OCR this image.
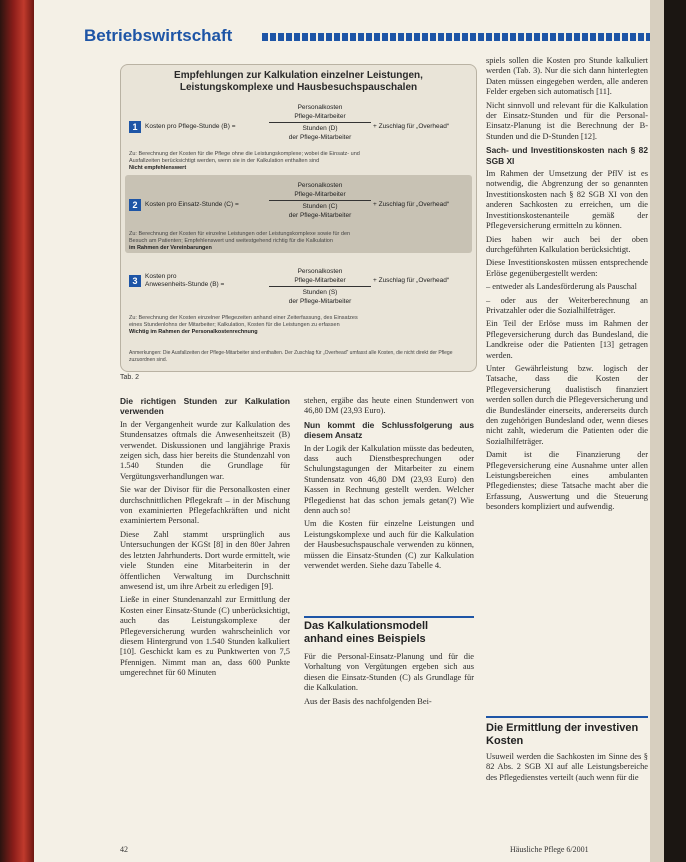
Betriebswirtschaft
Empfehlungen zur Kalkulation einzelner Leistungen,
Leistungskomplexe und Hausbesuchspauschalen
1	Kosten pro Pflege-Stunde (B) =
Personalkosten
Pflege-Mitarbeiter
Stunden (D)
der Pflege-Mitarbeiter
+ Zuschlag für „Overhead“
Zu: Berechnung der Kosten für die Pflege ohne die Leistungskomplexe; wobei die Einsatz- und
Ausfallzeiten berücksichtigt werden, wenn sie in der Kalkulation enthalten sind
Nicht empfehlenswert
2	Kosten pro Einsatz-Stunde (C) =
Personalkosten
Pflege-Mitarbeiter
Stunden (C)
der Pflege-Mitarbeiter
+ Zuschlag für „Overhead“
Zu: Berechnung der Kosten für einzelne Leistungen oder Leistungskomplexe sowie für den
Besuch am Patienten; Empfehlenswert und weitestgehend richtig für die Kalkulation
im Rahmen der Vereinbarungen
3	Kosten pro
Anwesenheits-Stunde (B) =
Personalkosten
Pflege-Mitarbeiter
Stunden (S)
der Pflege-Mitarbeiter
+ Zuschlag für „Overhead“
Zu: Berechnung der Kosten einzelner Pflegezeiten anhand einer Zeiterfassung, des Einsatzes
eines Stundenlohns der Mitarbeiter; Kalkulation, Kosten für die Leistungen zu erfassen
Wichtig im Rahmen der Personalkostenrechnung
Anmerkungen: Die Ausfallzeiten der Pflege-Mitarbeiter sind enthalten. Der Zuschlag für „Overhead“ umfasst alle Kosten, die nicht direkt der Pflege zuzuordnen sind.
Tab. 2

Die richtigen Stunden zur Kalkulation verwenden

In der Vergangenheit wurde zur Kalkulation des Stundensatzes oftmals die Anwesenheitszeit (B) verwendet. Diskussionen und langjährige Praxis zeigen sich, dass hier bereits die Stundenzahl von 1.540 Stunden die Grundlage für Vergütungsverhandlungen war.

Sie war der Divisor für die Personalkosten einer durchschnittlichen Pflegekraft – in der Mischung von examinierten Pflegefachkräften und nicht examiniertem Personal.

Diese Zahl stammt ursprünglich aus Untersuchungen der KGSt [8] in den 80er Jahren des letzten Jahrhunderts. Dort wurde ermittelt, wie viele Stunden eine Mitarbeiterin in der öffentlichen Verwaltung im Durchschnitt anwesend ist, um ihre Arbeit zu erledigen [9].

Ließe in einer Stundenanzahl zur Ermittlung der Kosten einer Einsatz-Stunde (C) unberücksichtigt, auch das Leistungskomplexe der Pflegeversicherung wurden wahrscheinlich vor diesem Hintergrund von 1.540 Stunden kalkuliert [10]. Geschickt kam es zu Punktwerten von 7,5 Pfennigen. Nimmt man an, dass 600 Punkte umgerechnet für 60 Minuten

stehen, ergäbe das heute einen Stundenwert von 46,80 DM (23,93 Euro).

Nun kommt die Schlussfolgerung aus diesem Ansatz

In der Logik der Kalkulation müsste das bedeuten, dass auch Dienstbesprechungen oder Schulungstagungen der Mitarbeiter zu einem Stundensatz von 46,80 DM (23,93 Euro) den Kassen in Rechnung gestellt werden. Welcher Pflegedienst hat das schon jemals getan(?) Wie denn auch so!

Um die Kosten für einzelne Leistungen und Leistungskomplexe und auch für die Kalkulation der Hausbesuchspauschale verwenden zu können, müssen die Einsatz-Stunden (C) zur Kalkulation verwendet werden. Siehe dazu Tabelle 4.

Das Kalkulationsmodell
anhand eines Beispiels

Für die Personal-Einsatz-Planung und für die Vorhaltung von Vergütungen ergeben sich aus diesen die Einsatz-Stunden (C) als Grundlage für die Kalkulation.

Aus der Basis des nachfolgenden Bei-

spiels sollen die Kosten pro Stunde kalkuliert werden (Tab. 3). Nur die sich dann hinterlegten Daten müssen eingegeben werden, alle anderen Felder ergeben sich automatisch [11].

Nicht sinnvoll und relevant für die Kalkulation der Einsatz-Stunden und für die Personal-Einsatz-Planung ist die Berechnung der B-Stunden und die D-Stunden [12].

Sach- und Investitionskosten nach § 82 SGB XI

Im Rahmen der Umsetzung der PflV ist es notwendig, die Abgrenzung der so genannten Investitionskosten nach § 82 SGB XI von den anderen Sachkosten zu erreichen, um die Investitionskostenanteile gemäß der Pflegeversicherung ermitteln zu können.

Dies haben wir auch bei der oben durchgeführten Kalkulation berücksichtigt.

Diese Investitionskosten müssen entsprechende Erlöse gegenübergestellt werden:

– entweder als Landesförderung als Pauschal

– oder aus der Weiterberechnung an Privatzahler oder die Sozialhilfeträger.

Ein Teil der Erlöse muss im Rahmen der Pflegeversicherung durch das Bundesland, die Landkreise oder die Patienten [13] getragen werden.

Unter Gewährleistung bzw. logisch der Tatsache, dass die Kosten der Pflegeversicherung dualistisch finanziert werden sollen durch die Pflegeversicherung und die Bundesländer einerseits, andererseits durch den zugehörigen Bundesland oder, wenn dieses nicht zahlt, wiederum die Patienten oder die Sozialhilfeträger.

Damit ist die Finanzierung der Pflegeversicherung eine Ausnahme unter allen Leistungsbereichen eines ambulanten Pflegedienstes; diese Tatsache macht aber die Erfassung, Auswertung und die Steuerung besonders kompliziert und aufwendig.

Die Ermittlung der investiven
Kosten

Usuweil werden die Sachkosten im Sinne des § 82 Abs. 2 SGB XI auf alle Leistungsbereiche des Pflegedienstes verteilt (auch wenn für die

42	Häusliche Pflege 6/2001
